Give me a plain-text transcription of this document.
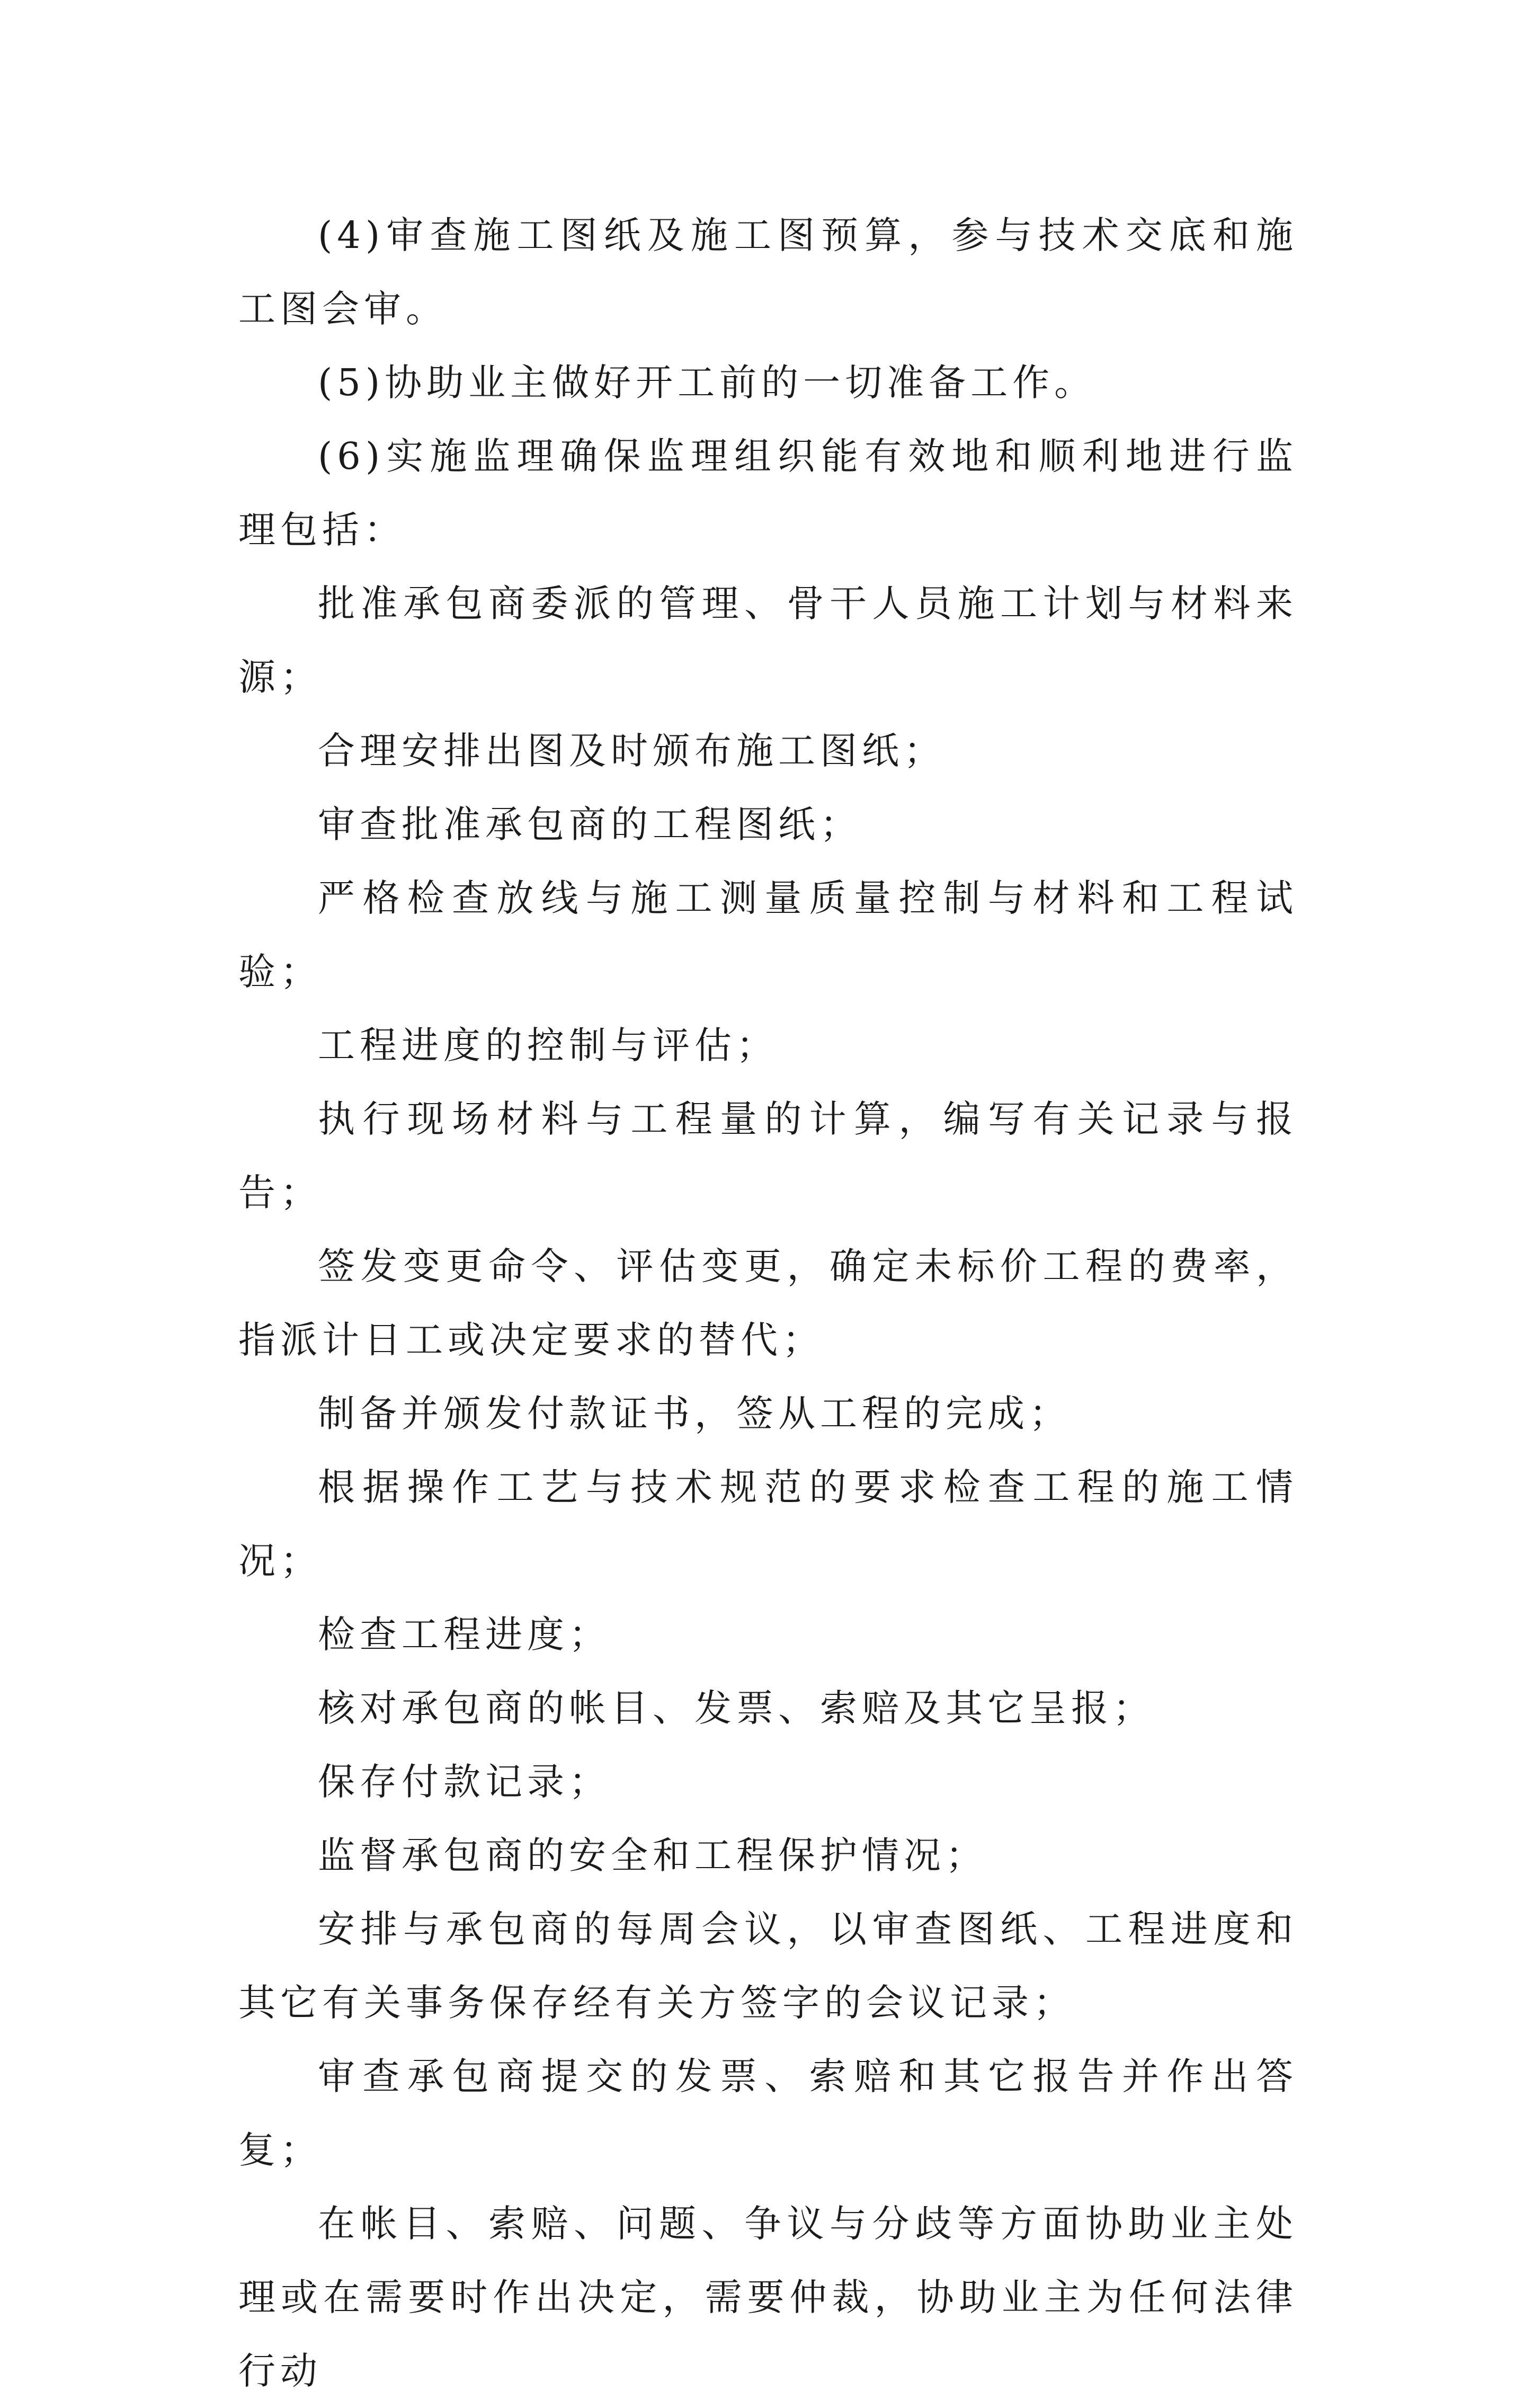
(4)审查施工图纸及施工图预算，参与技术交底和施工图会审。

(5)协助业主做好开工前的一切准备工作。

(6)实施监理确保监理组织能有效地和顺利地进行监理包括：

批准承包商委派的管理、骨干人员施工计划与材料来源；

合理安排出图及时颁布施工图纸；

审查批准承包商的工程图纸；

严格检查放线与施工测量质量控制与材料和工程试验；

工程进度的控制与评估；

执行现场材料与工程量的计算，编写有关记录与报告；

签发变更命令、评估变更，确定未标价工程的费率，指派计日工或决定要求的替代；

制备并颁发付款证书，签从工程的完成；

根据操作工艺与技术规范的要求检查工程的施工情况；

检查工程进度；

核对承包商的帐目、发票、索赔及其它呈报；

保存付款记录；

监督承包商的安全和工程保护情况；

安排与承包商的每周会议，以审查图纸、工程进度和其它有关事务保存经有关方签字的会议记录；

审查承包商提交的发票、索赔和其它报告并作出答复；

在帐目、索赔、问题、争议与分歧等方面协助业主处理或在需要时作出决定，需要仲裁，协助业主为任何法律行动
